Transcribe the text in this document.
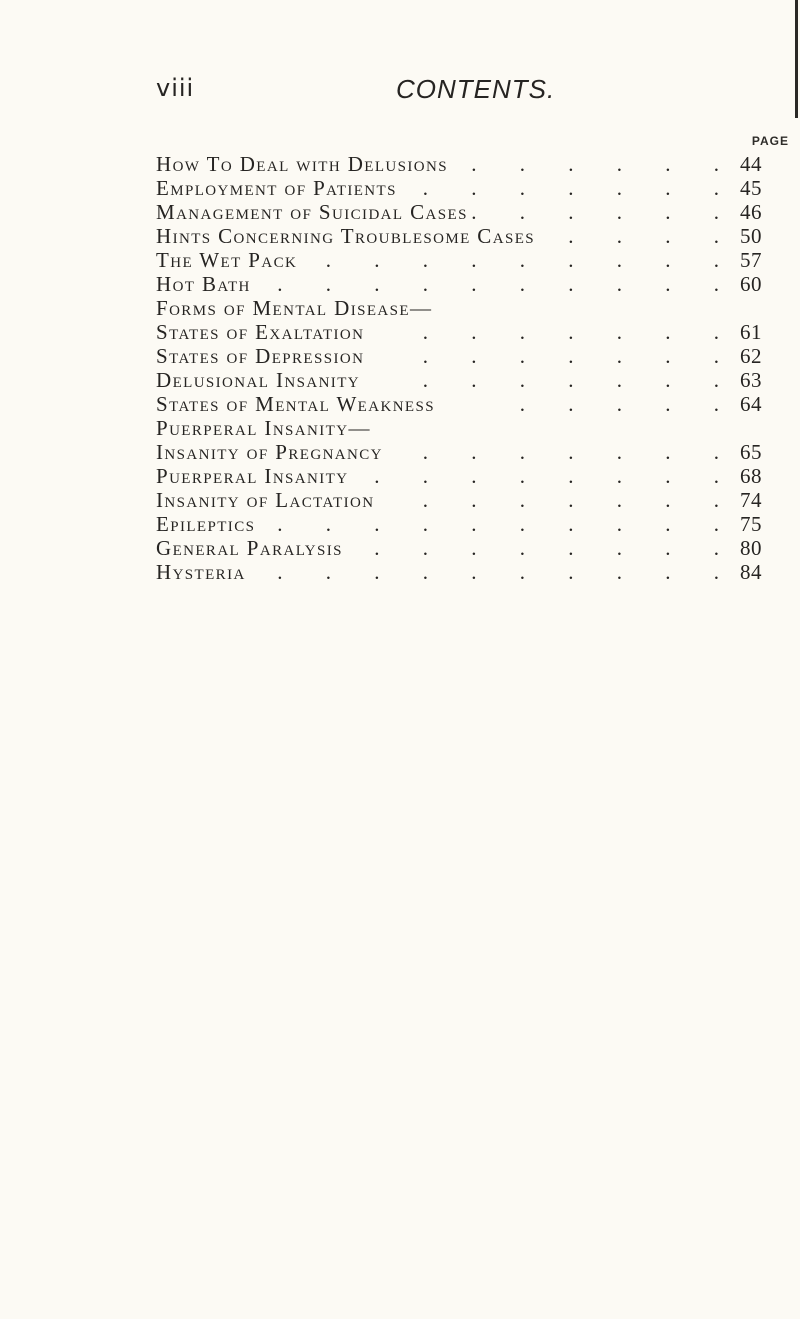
viii	CONTENTS.
PAGE
How To Deal with Delusions . . . . . . 44
Employment of Patients . . . . . . . 45
Management of Suicidal Cases . . . . . . 46
Hints Concerning Troublesome Cases . . . . 50
The Wet Pack . . . . . . . . . 57
Hot Bath . . . . . . . . . . 60
Forms of Mental Disease—
States of Exaltation	. . . . . . . 61
States of Depression	. . . . . . . 62
Delusional Insanity	. . . . . . . 63
States of Mental Weakness	. . . . . 64
Puerperal Insanity—
Insanity of Pregnancy . . . . . . . 65
Puerperal Insanity . . . . . . . . 68
Insanity of Lactation . . . . . . . 74
Epileptics . . . . . . . . . . 75
General Paralysis . . . . . . . . 80
Hysteria . . . . . . . . . . 84
